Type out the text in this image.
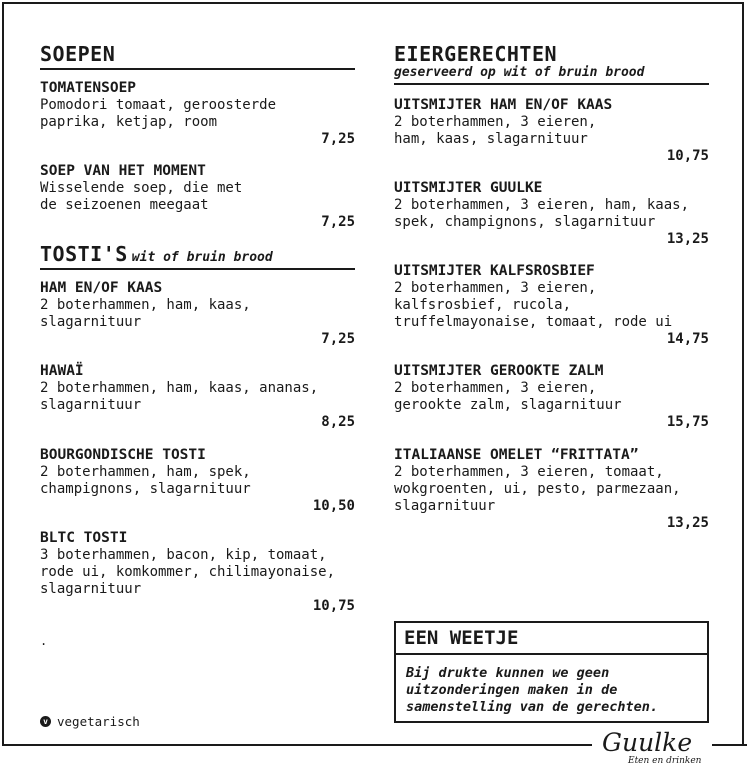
SOEPEN
TOMATENSOEP
Pomodori tomaat, geroosterde
paprika, ketjap, room
7,25
SOEP VAN HET MOMENT
Wisselende soep, die met
de seizoenen meegaat
7,25
TOSTI'S wit of bruin brood
HAM EN/OF KAAS
2 boterhammen, ham, kaas,
slagarnituur
7,25
HAWAÏ
2 boterhammen, ham, kaas, ananas,
slagarnituur
8,25
BOURGONDISCHE TOSTI
2 boterhammen, ham, spek,
champignons, slagarnituur
10,50
BLTC TOSTI
3 boterhammen, bacon, kip, tomaat,
rode ui, komkommer, chilimayonaise,
slagarnituur
10,75
.
v vegetarisch
EIERGERECHTEN
geserveerd op wit of bruin brood
UITSMIJTER HAM EN/OF KAAS
2 boterhammen, 3 eieren,
ham, kaas, slagarnituur
10,75
UITSMIJTER GUULKE
2 boterhammen, 3 eieren, ham, kaas,
spek, champignons, slagarnituur
13,25
UITSMIJTER KALFSROSBIEF
2 boterhammen, 3 eieren,
kalfsrosbief, rucola,
truffelmayonaise, tomaat, rode ui
14,75
UITSMIJTER GEROOKTE ZALM
2 boterhammen, 3 eieren,
gerookte zalm, slagarnituur
15,75
ITALIAANSE OMELET “FRITTATA”
2 boterhammen, 3 eieren, tomaat,
wokgroenten, ui, pesto, parmezaan,
slagarnituur
13,25
EEN WEETJE
Bij drukte kunnen we geen
uitzonderingen maken in de
samenstelling van de gerechten.
Guulke
Eten en drinken
